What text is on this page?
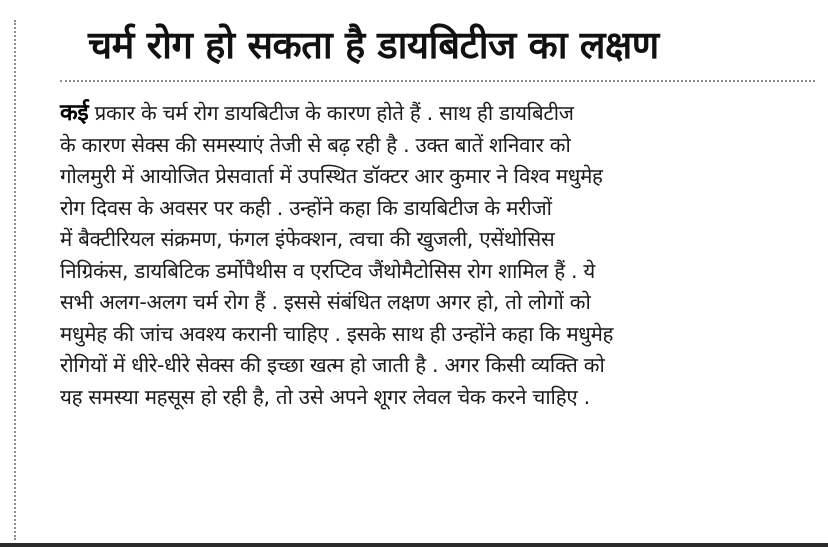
चर्म रोग हो सकता है डायबिटीज का लक्षण
कई प्रकार के चर्म रोग डायबिटीज के कारण होते हैं . साथ ही डायबिटीज
के कारण सेक्स की समस्याएं तेजी से बढ़ रही है . उक्त बातें शनिवार को
गोलमुरी में आयोजित प्रेसवार्ता में उपस्थित डॉक्टर आर कुमार ने विश्व मधुमेह
रोग दिवस के अवसर पर कही . उन्होंने कहा कि डायबिटीज के मरीजों
में बैक्टीरियल संक्रमण, फंगल इंफेक्शन, त्वचा की खुजली, एसेंथोसिस
निग्रिकंस, डायबिटिक डर्मोपैथीस व एरप्टिव जैंथोमैटोसिस रोग शामिल हैं . ये
सभी अलग-अलग चर्म रोग हैं . इससे संबंधित लक्षण अगर हो, तो लोगों को
मधुमेह की जांच अवश्य करानी चाहिए . इसके साथ ही उन्होंने कहा कि मधुमेह
रोगियों में धीरे-धीरे सेक्स की इच्छा खत्म हो जाती है . अगर किसी व्यक्ति को
यह समस्या महसूस हो रही है, तो उसे अपने शूगर लेवल चेक करने चाहिए .
